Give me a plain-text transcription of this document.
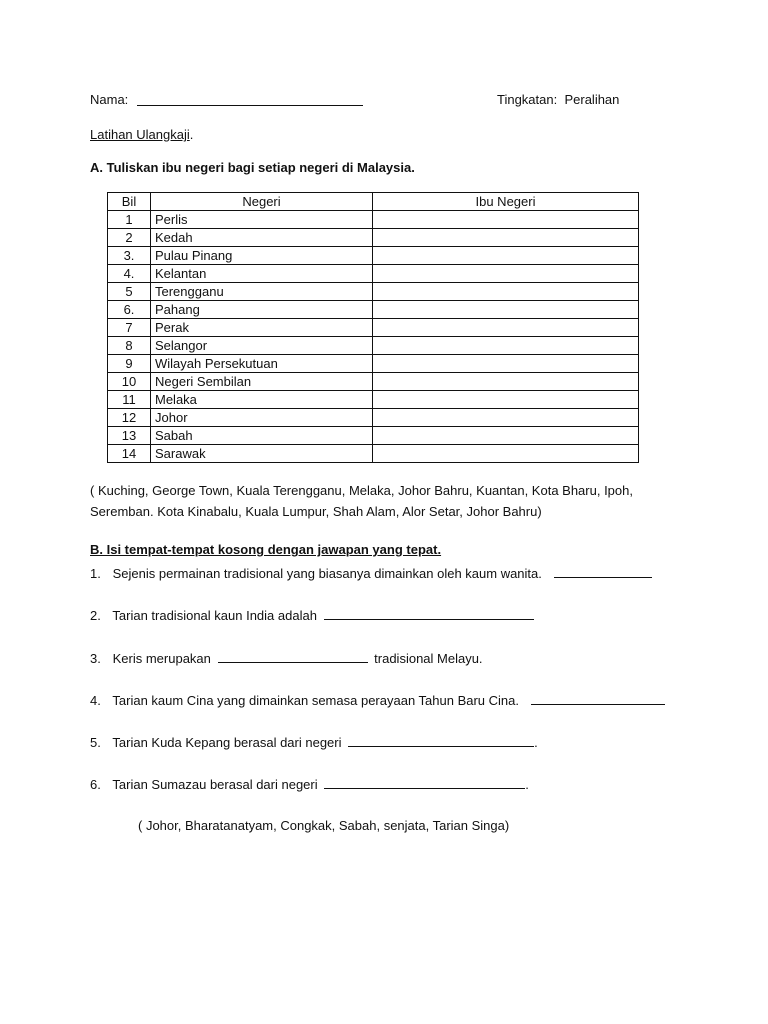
Nama:	Tingkatan: Peralihan
Latihan Ulangkaji.
A. Tuliskan ibu negeri bagi setiap negeri di Malaysia.
Bil	Negeri	Ibu Negeri
1	Perlis	
2	Kedah	
3.	Pulau Pinang	
4.	Kelantan	
5	Terengganu	
6.	Pahang	
7	Perak	
8	Selangor	
9	Wilayah Persekutuan	
10	Negeri Sembilan	
11	Melaka	
12	Johor	
13	Sabah	
14	Sarawak	
( Kuching, George Town, Kuala Terengganu, Melaka, Johor Bahru, Kuantan, Kota Bharu, Ipoh, Seremban. Kota Kinabalu, Kuala Lumpur, Shah Alam, Alor Setar, Johor Bahru)
B. Isi tempat-tempat kosong dengan jawapan yang tepat.
1. Sejenis permainan tradisional yang biasanya dimainkan oleh kaum wanita.
2. Tarian tradisional kaun India adalah
3. Keris merupakan	tradisional Melayu.
4. Tarian kaum Cina yang dimainkan semasa perayaan Tahun Baru Cina.
5. Tarian Kuda Kepang berasal dari negeri	.
6. Tarian Sumazau berasal dari negeri	.
( Johor, Bharatanatyam, Congkak, Sabah, senjata, Tarian Singa)
